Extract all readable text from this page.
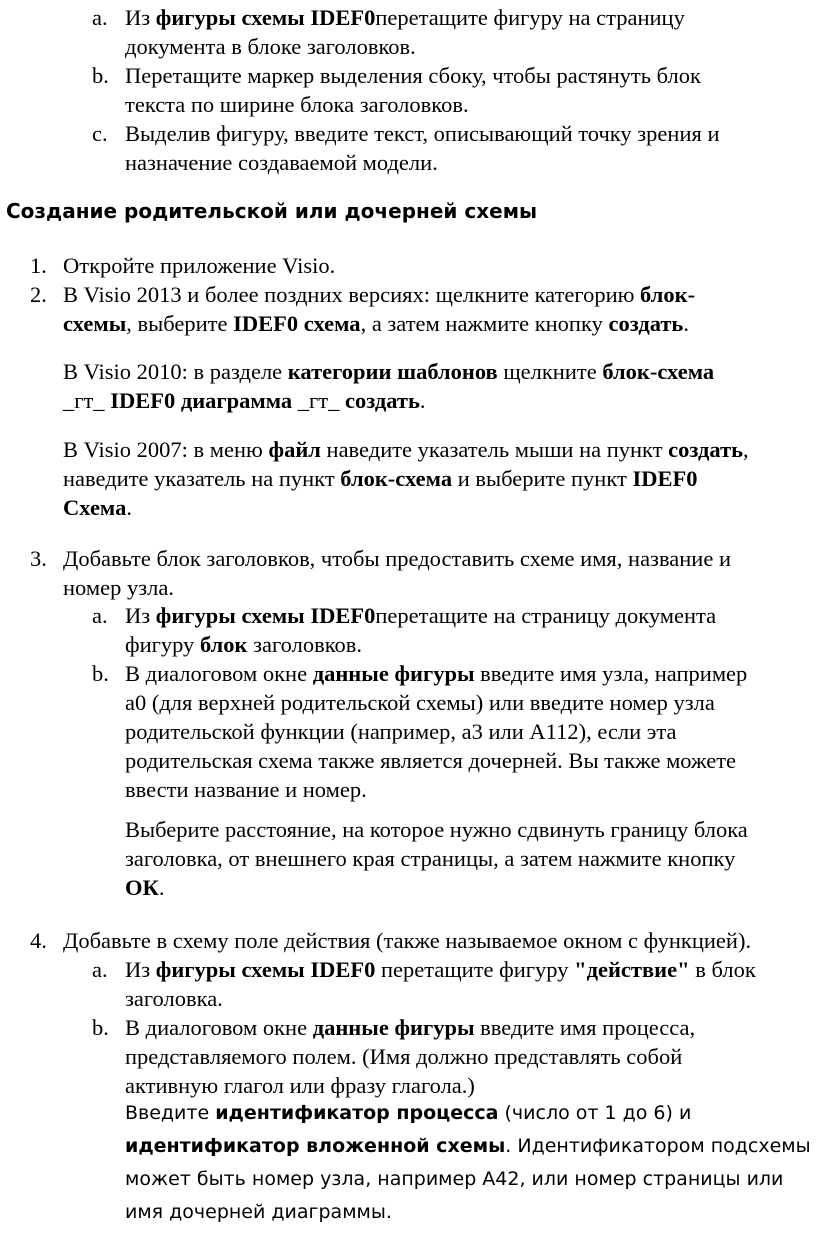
a. Из фигуры схемы IDEF0перетащите фигуру на страницу
документа в блоке заголовков.
b. Перетащите маркер выделения сбоку, чтобы растянуть блок
текста по ширине блока заголовков.
c. Выделив фигуру, введите текст, описывающий точку зрения и
назначение создаваемой модели.
Создание родительской или дочерней схемы
1. Откройте приложение Visio.
2. В Visio 2013 и более поздних версиях: щелкните категорию блок-
схемы, выберите IDEF0 схема, а затем нажмите кнопку создать.
В Visio 2010: в разделе категории шаблонов щелкните блок-схема
_гт_ IDEF0 диаграмма _гт_ создать.
В Visio 2007: в меню файл наведите указатель мыши на пункт создать,
наведите указатель на пункт блок-схема и выберите пункт IDEF0
Схема.
3. Добавьте блок заголовков, чтобы предоставить схеме имя, название и
номер узла.
a. Из фигуры схемы IDEF0перетащите на страницу документа
фигуру блок заголовков.
b. В диалоговом окне данные фигуры введите имя узла, например
а0 (для верхней родительской схемы) или введите номер узла
родительской функции (например, а3 или A112), если эта
родительская схема также является дочерней. Вы также можете
ввести название и номер.
Выберите расстояние, на которое нужно сдвинуть границу блока
заголовка, от внешнего края страницы, а затем нажмите кнопку
ОК.
4. Добавьте в схему поле действия (также называемое окном с функцией).
a. Из фигуры схемы IDEF0 перетащите фигуру "действие" в блок
заголовка.
b. В диалоговом окне данные фигуры введите имя процесса,
представляемого полем. (Имя должно представлять собой
активную глагол или фразу глагола.)
Введите идентификатор процесса (число от 1 до 6) и
идентификатор вложенной схемы. Идентификатором подсхемы
может быть номер узла, например A42, или номер страницы или
имя дочерней диаграммы.
